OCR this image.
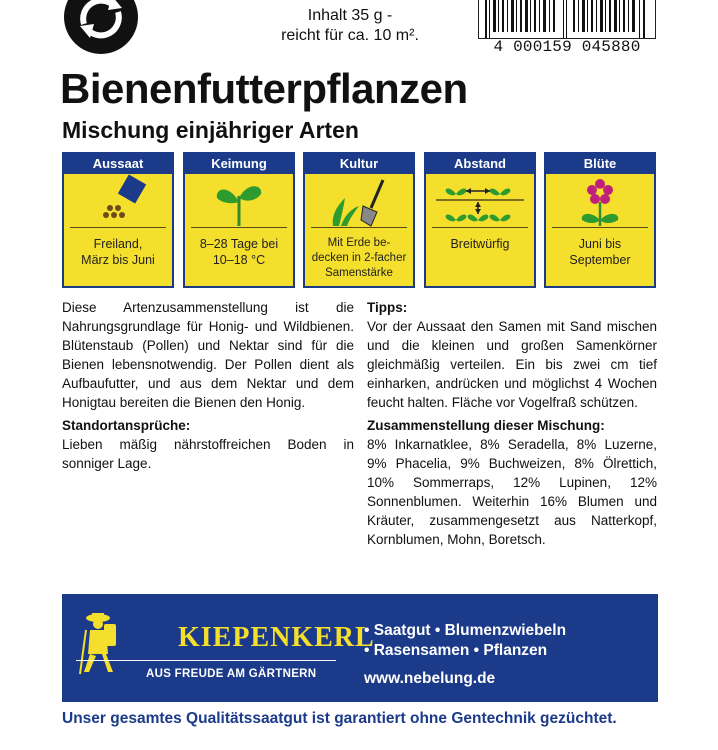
Inhalt 35 g -
reicht für ca. 10 m².
4 000159 045880
Bienenfutterpflanzen
Mischung einjähriger Arten
Aussaat
Freiland,
März bis Juni
Keimung
8–28 Tage bei
10–18 °C
Kultur
Mit Erde be-
decken in 2-facher
Samenstärke
Abstand
Breitwürfig
Blüte
Juni bis
September

Diese Artenzusammenstellung ist die Nahrungsgrundlage für Honig- und Wildbienen. Blütenstaub (Pollen) und Nektar sind für die Bienen lebensnotwendig. Der Pollen dient als Aufbaufutter, und aus dem Nektar und dem Honigtau bereiten die Bienen den Honig.

Standortansprüche:

Lieben mäßig nährstoffreichen Boden in sonniger Lage.

Tipps:

Vor der Aussaat den Samen mit Sand mischen und die kleinen und großen Samenkörner gleichmäßig verteilen. Ein bis zwei cm tief einharken, andrücken und möglichst 4 Wochen feucht halten. Fläche vor Vogelfraß schützen.

Zusammenstellung dieser Mischung:

8% Inkarnatklee, 8% Seradella, 8% Luzerne, 9% Phacelia, 9% Buchweizen, 8% Ölrettich, 10% Sommerraps, 12% Lupinen, 12% Sonnenblumen. Weiterhin 16% Blumen und Kräuter, zusammengesetzt aus Natterkopf, Kornblumen, Mohn, Boretsch.

KIEPENKERL
AUS FREUDE AM GÄRTNERN
• Saatgut • Blumenzwiebeln
• Rasensamen • Pflanzen
www.nebelung.de
Unser gesamtes Qualitätssaatgut ist garantiert ohne Gentechnik gezüchtet.
